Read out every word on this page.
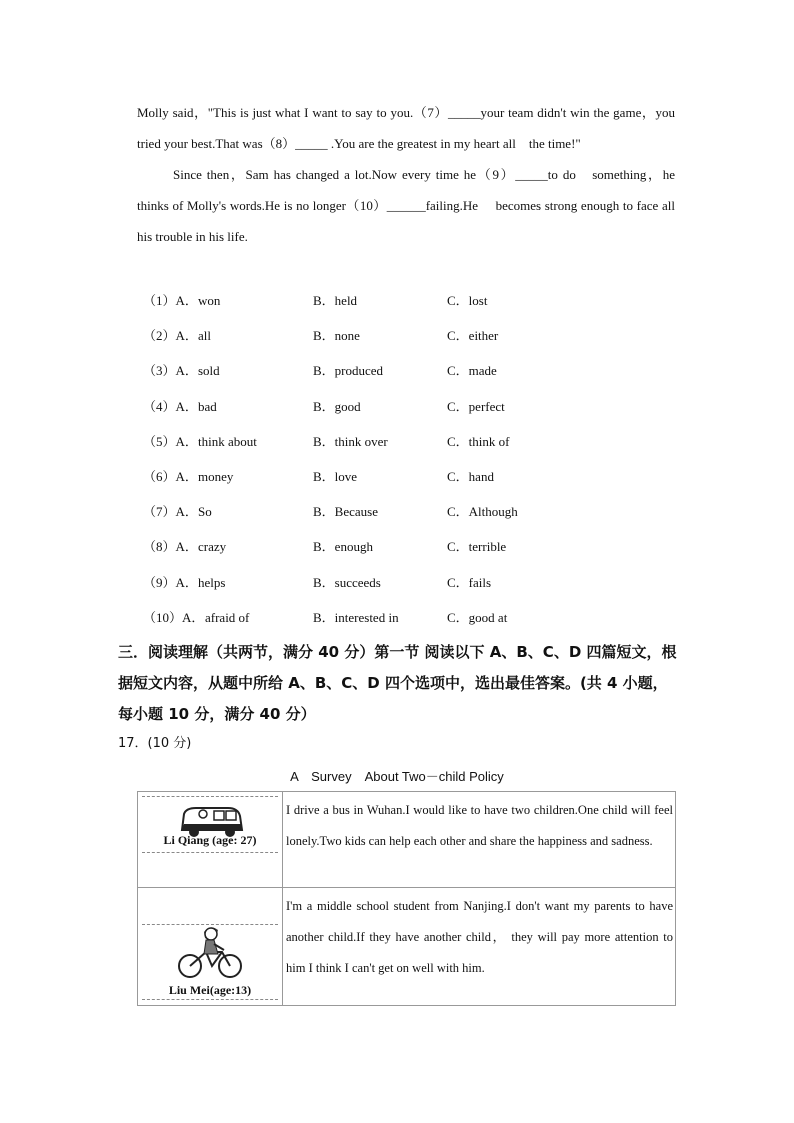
Molly said，"This is just what I want to say to you.（7）_____your team didn't win the game，you tried your best.That was（8）_____ .You are the greatest in my heart all　the time!"

Since then，Sam has changed a lot.Now every time he（9）_____to do　something，he thinks of Molly's words.He is no longer（10）______failing.He　 becomes strong enough to face all his trouble in his life.

（1）A． won	B．held	C．lost
（2）A． all	B．none	C．either
（3）A． sold	B．produced	C．made
（4）A． bad	B．good	C．perfect
（5）A． think about	B．think over	C．think of
（6）A． money	B．love	C．hand
（7）A． So	B．Because	C．Although
（8）A． crazy	B．enough	C．terrible
（9）A． helps	B．succeeds	C．fails
（10）A． afraid of	B．interested in	C．good at
三．阅读理解（共两节，满分 40 分）第一节 阅读以下 A、B、C、D 四篇短文，根据短文内容，从题中所给 A、B、C、D 四个选项中，选出最佳答案。(共 4 小题，每小题 10 分，满分 40 分）
17．(10 分)
A　Survey　About Two－child Policy
Li Qiang (age: 27)	I drive a bus in Wuhan.I would like to have two children.One child will feel lonely.Two kids can help each other and share the happiness and sadness.

Liu Mei(age:13)	I'm a middle school student from Nanjing.I don't want my parents to have another child.If they have another child， they will pay more attention to him I think I can't get on well with him.
